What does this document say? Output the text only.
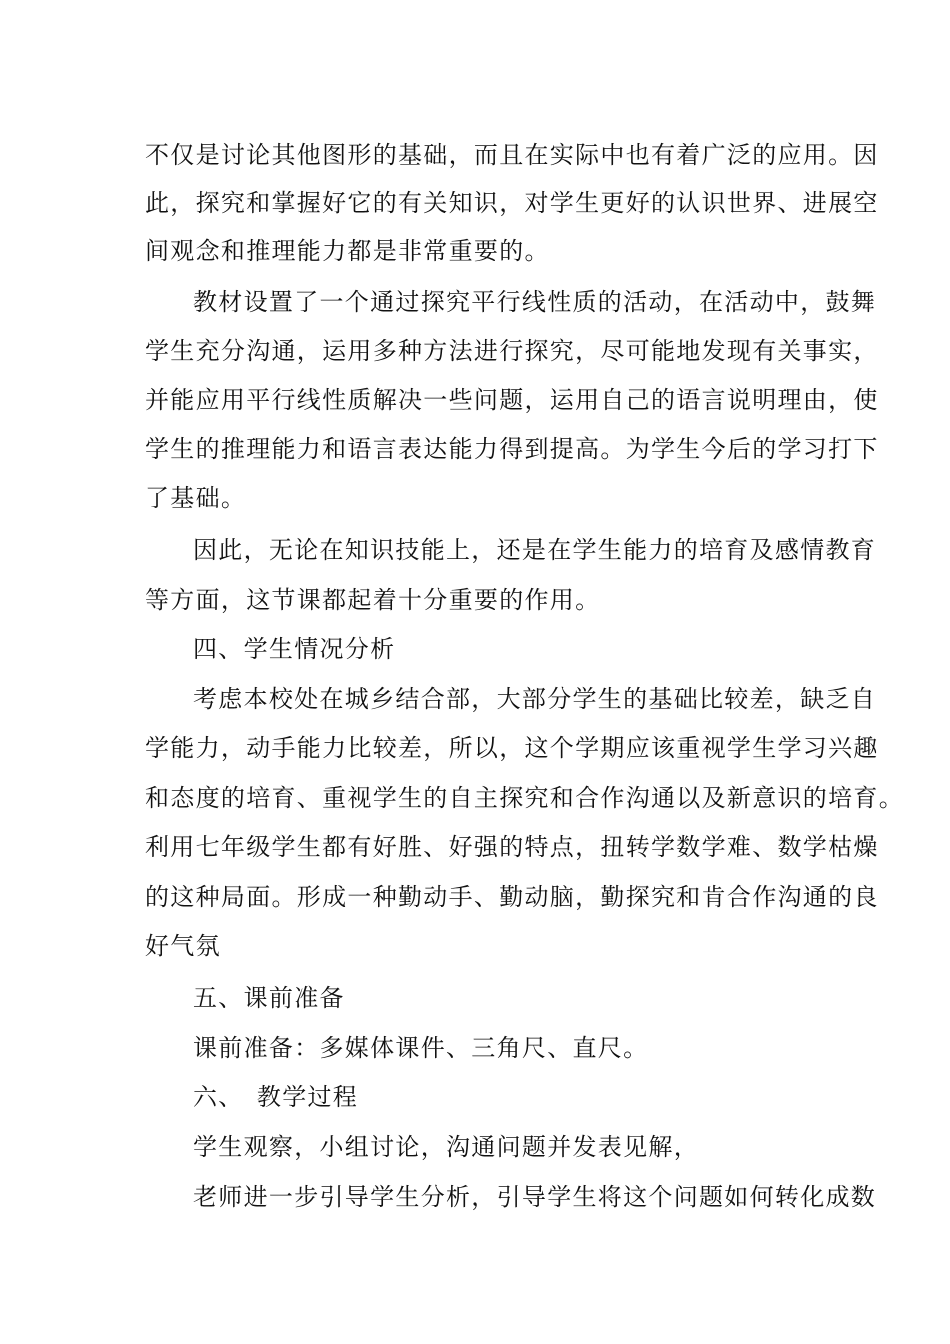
不仅是讨论其他图形的基础，而且在实际中也有着广泛的应用。因
此，探究和掌握好它的有关知识，对学生更好的认识世界、进展空
间观念和推理能力都是非常重要的。
教材设置了一个通过探究平行线性质的活动，在活动中，鼓舞
学生充分沟通，运用多种方法进行探究，尽可能地发现有关事实，
并能应用平行线性质解决一些问题，运用自己的语言说明理由，使
学生的推理能力和语言表达能力得到提高。为学生今后的学习打下
了基础。
因此，无论在知识技能上，还是在学生能力的培育及感情教育
等方面，这节课都起着十分重要的作用。
四、学生情况分析
考虑本校处在城乡结合部，大部分学生的基础比较差，缺乏自
学能力，动手能力比较差，所以，这个学期应该重视学生学习兴趣
和态度的培育、重视学生的自主探究和合作沟通以及新意识的培育。
利用七年级学生都有好胜、好强的特点，扭转学数学难、数学枯燥
的这种局面。形成一种勤动手、勤动脑，勤探究和肯合作沟通的良
好气氛
五、课前准备
课前准备：多媒体课件、三角尺、直尺。
六、　教学过程
学生观察，小组讨论，沟通问题并发表见解，
老师进一步引导学生分析，引导学生将这个问题如何转化成数
